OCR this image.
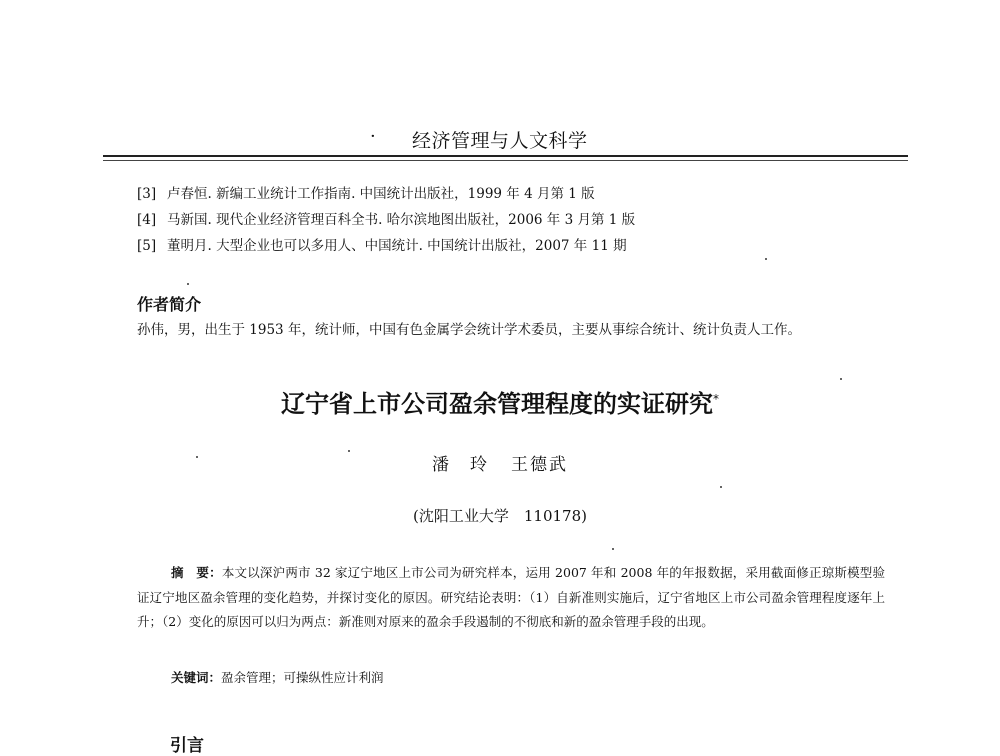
· 经济管理与人文科学
[3] 卢春恒. 新编工业统计工作指南. 中国统计出版社，1999 年 4 月第 1 版
[4] 马新国. 现代企业经济管理百科全书. 哈尔滨地图出版社，2006 年 3 月第 1 版
[5] 董明月. 大型企业也可以多用人、中国统计. 中国统计出版社，2007 年 11 期
作者简介
孙伟，男，出生于 1953 年，统计师，中国有色金属学会统计学术委员，主要从事综合统计、统计负责人工作。
辽宁省上市公司盈余管理程度的实证研究*
潘　玲 王德武
(沈阳工业大学　110178)
摘　要：本文以深沪两市 32 家辽宁地区上市公司为研究样本，运用 2007 年和 2008 年的年报数据，采用截面修正琼斯模型验证辽宁地区盈余管理的变化趋势，并探讨变化的原因。研究结论表明：（1）自新准则实施后，辽宁省地区上市公司盈余管理程度逐年上升；（2）变化的原因可以归为两点：新准则对原来的盈余手段遏制的不彻底和新的盈余管理手段的出现。
关键词：盈余管理；可操纵性应计利润
引言
